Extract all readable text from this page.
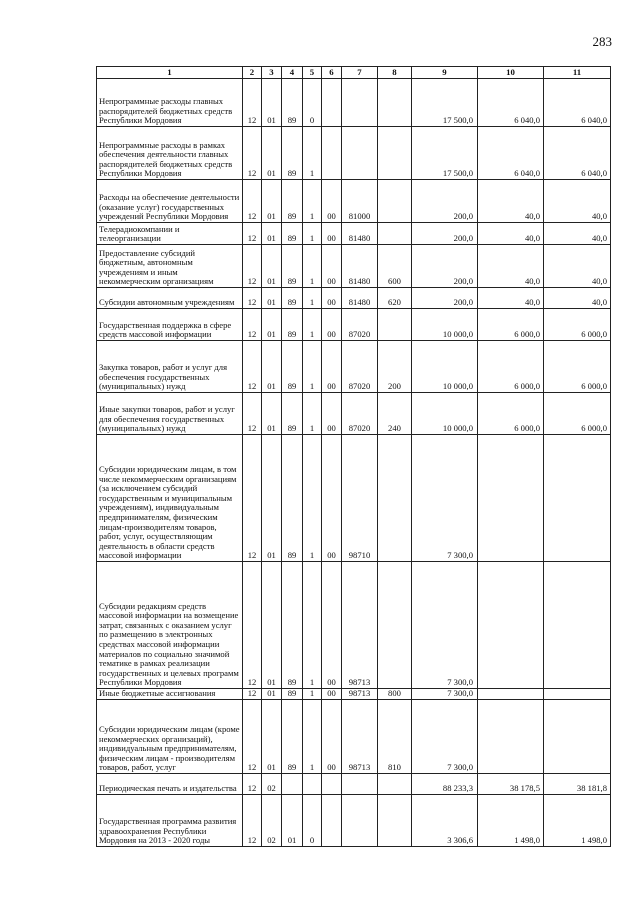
283
1	2	3	4	5	6	7	8	9	10	11
Непрограммные расходы главных распорядителей бюджетных средств Республики Мордовия	12	01	89	0				17 500,0	6 040,0	6 040,0
Непрограммные расходы в рамках обеспечения деятельности главных распорядителей бюджетных средств Республики Мордовия	12	01	89	1				17 500,0	6 040,0	6 040,0
Расходы на обеспечение деятельности (оказание услуг) государственных учреждений Республики Мордовия	12	01	89	1	00	81000		200,0	40,0	40,0
Телерадиокомпании и телеорганизации	12	01	89	1	00	81480		200,0	40,0	40,0
Предоставление субсидий бюджетным, автономным учреждениям и иным некоммерческим организациям	12	01	89	1	00	81480	600	200,0	40,0	40,0
Субсидии автономным учреждениям	12	01	89	1	00	81480	620	200,0	40,0	40,0
Государственная поддержка в сфере средств массовой информации	12	01	89	1	00	87020		10 000,0	6 000,0	6 000,0
Закупка товаров, работ и услуг для обеспечения государственных (муниципальных) нужд	12	01	89	1	00	87020	200	10 000,0	6 000,0	6 000,0
Иные закупки товаров, работ и услуг для обеспечения государственных (муниципальных) нужд	12	01	89	1	00	87020	240	10 000,0	6 000,0	6 000,0
Субсидии юридическим лицам, в том числе некоммерческим организациям (за исключением субсидий государственным и муниципальным учреждениям), индивидуальным предпринимателям, физическим лицам-производителям товаров, работ, услуг, осуществляющим деятельность в области средств массовой информации	12	01	89	1	00	98710		7 300,0		
Субсидии редакциям средств массовой информации на возмещение затрат, связанных с оказанием услуг по размещению в электронных средствах массовой информации материалов по социально значимой тематике в рамках реализации государственных и целевых программ Республики Мордовия	12	01	89	1	00	98713		7 300,0		
Иные бюджетные ассигнования	12	01	89	1	00	98713	800	7 300,0		
Субсидии юридическим лицам (кроме некоммерческих организаций), индивидуальным предпринимателям, физическим лицам - производителям товаров, работ, услуг	12	01	89	1	00	98713	810	7 300,0		
Периодическая печать и издательства	12	02						88 233,3	38 178,5	38 181,8
Государственная программа развития здравоохранения Республики Мордовия на 2013 - 2020 годы	12	02	01	0				3 306,6	1 498,0	1 498,0
